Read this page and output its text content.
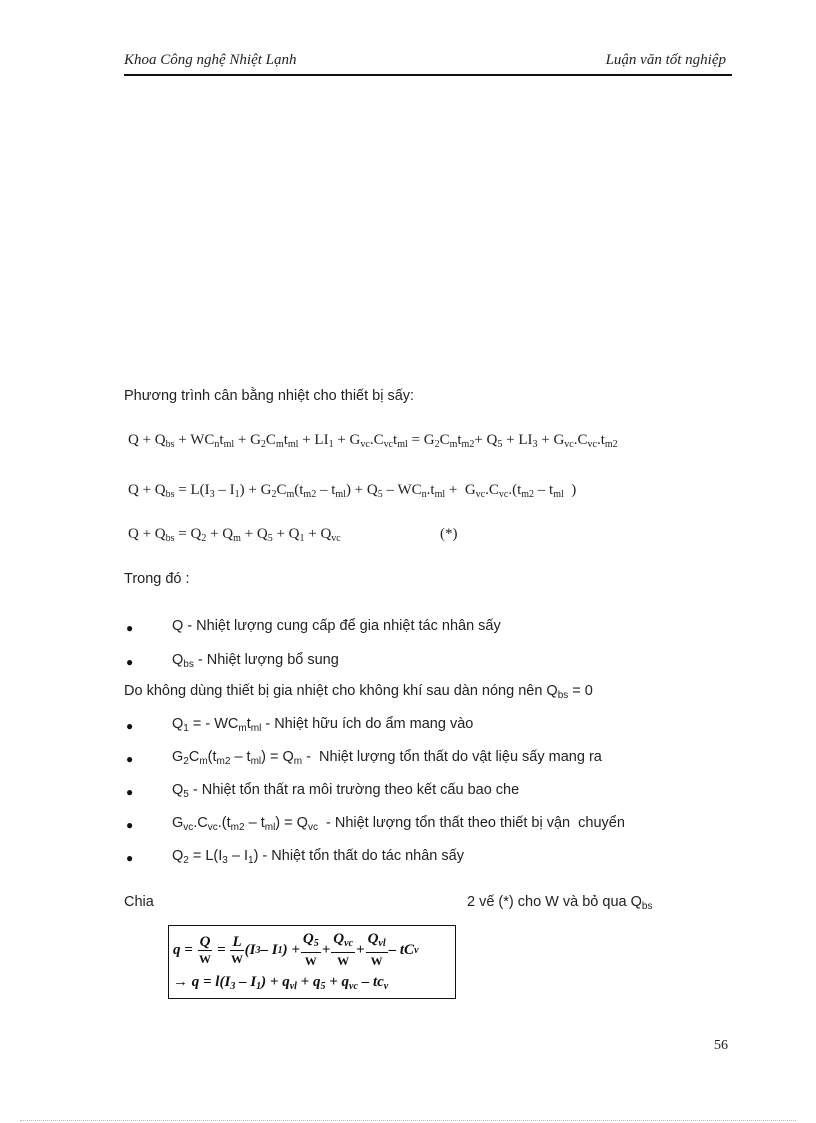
Khoa Công nghệ Nhiệt Lạnh	Luận văn tốt nghiệp
Phương trình cân bằng nhiệt cho thiết bị sấy:
$Q + Q_{bs} + WC_nt_{ml} + G_2C_mt_{ml} + LI_1 + G_{vc}.C_{vc}t_{ml} = G_2C_mt_{m2}+ Q_5 + LI_3 + G_{vc}.C_{vc}.t_{m2}$
$Q + Q_{bs} = L(I_3 - I_1) + G_2C_m(t_{m2} - t_{ml}) + Q_5 - WC_n.t_{ml} + G_{vc}.C_{vc}.(t_{m2} - t_{ml}$  )
$Q + Q_{bs} = Q_2 + Q_m + Q_5 + Q_1 + Q_{vc}$	(*)
Trong đó :
●	Q - Nhiệt lượng cung cấp để gia nhiệt tác nhân sấy
●	$Q_{bs}$ - Nhiệt lượng bổ sung
Do không dùng thiết bị gia nhiệt cho không khí sau dàn nóng nên $Q_{bs} = 0$
●	$Q_1$ = - $WC_mt_{ml}$ - Nhiệt hữu ích do ẩm mang vào
●	$G_2C_m(t_{m2} - t_{ml}) = Q_m$ -  Nhiệt lượng tổn thất do vật liệu sấy mang ra
●	$Q_5$ - Nhiệt tổn thất ra môi trường theo kết cấu bao che
●	$G_{vc}.C_{vc}.(t_{m2} - t_{ml}) = Q_{vc}$  - Nhiệt lượng tổn thất theo thiết bị vận  chuyển
●	$Q_2 = L(I_3 - I_1)$ - Nhiệt tổn thất do tác nhân sấy
Chia	2 vế (*) cho W và bỏ qua $Q_{bs}$
$q = \frac{Q}{W} = \frac{L}{W} (I$ 3 – I 1 ) + $\frac{Q_5}{W} + \frac{Q_{vc}}{W} + \frac{Q_{vl}}{W}$ – tC v
→ $q = l(I_3 - I_1) + q_{vl} + q_5 + q_{vc} - tc_v$
56
